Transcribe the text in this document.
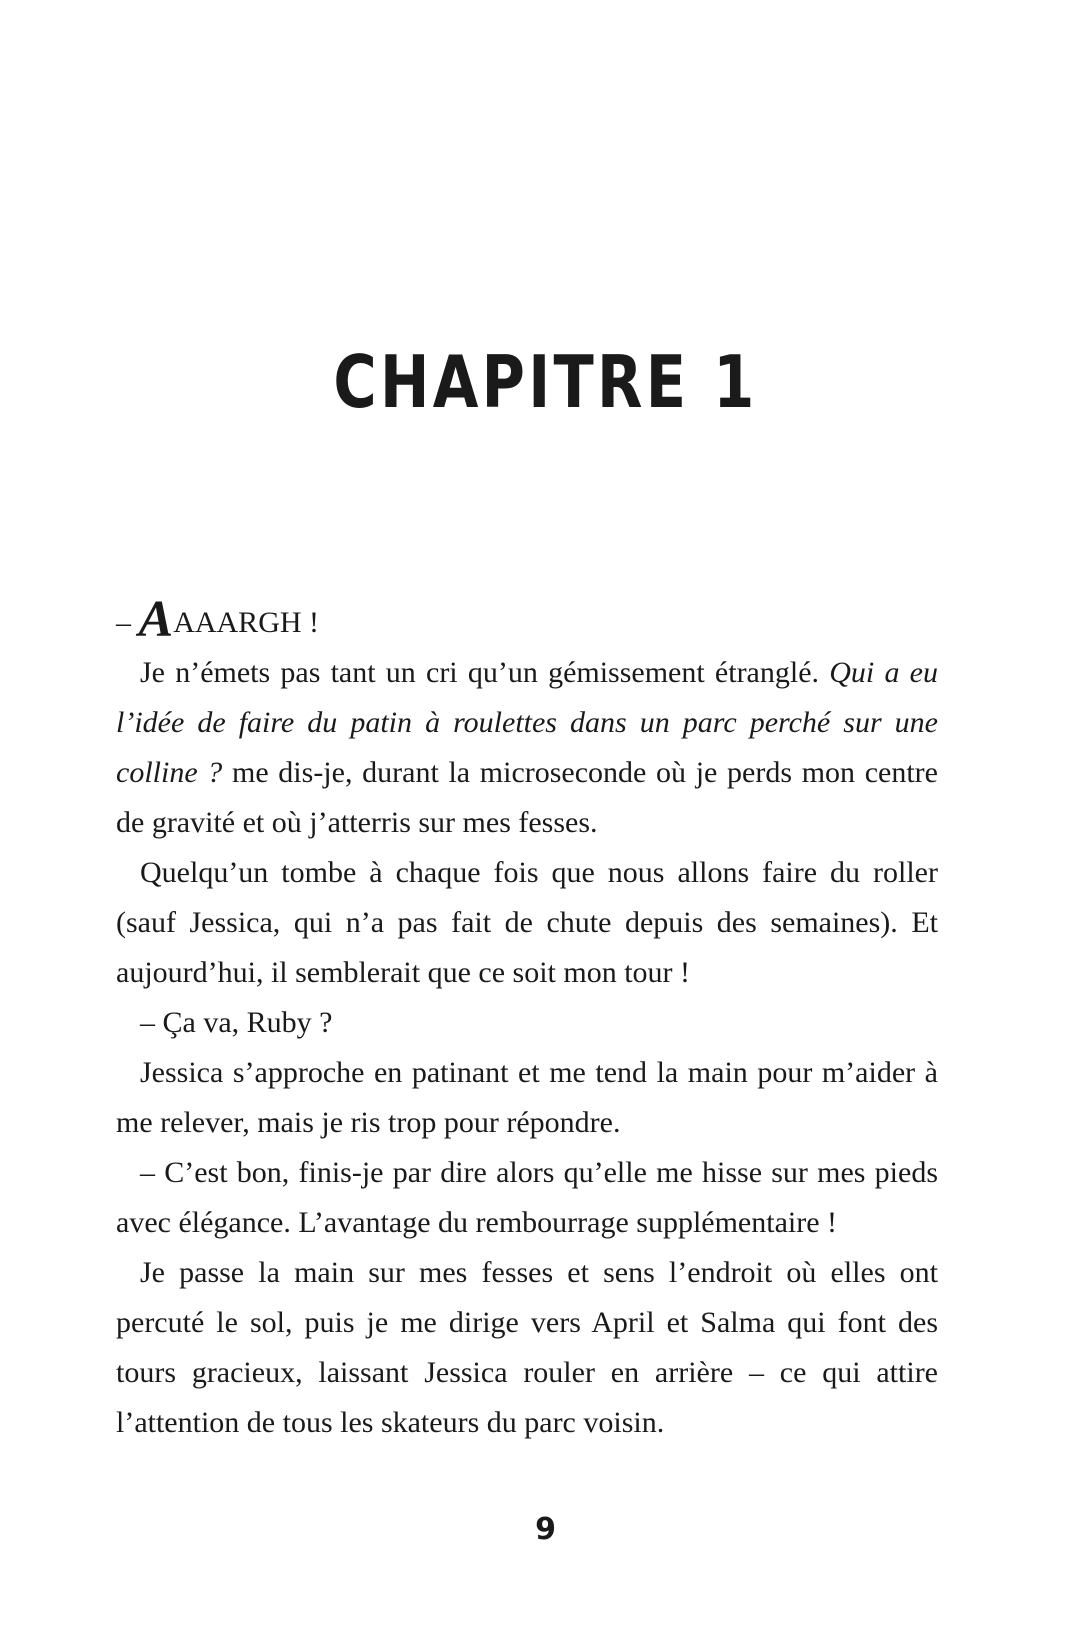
CHAPITRE 1

– AAAARGH !

Je n’émets pas tant un cri qu’un gémissement étranglé. Qui a eu l’idée de faire du patin à roulettes dans un parc perché sur une colline ? me dis-je, durant la microseconde où je perds mon centre de gravité et où j’atterris sur mes fesses.

Quelqu’un tombe à chaque fois que nous allons faire du roller (sauf Jessica, qui n’a pas fait de chute depuis des semaines). Et aujourd’hui, il semblerait que ce soit mon tour !

– Ça va, Ruby ?

Jessica s’approche en patinant et me tend la main pour m’aider à me relever, mais je ris trop pour répondre.

– C’est bon, finis-je par dire alors qu’elle me hisse sur mes pieds avec élégance. L’avantage du rembourrage supplémentaire !

Je passe la main sur mes fesses et sens l’endroit où elles ont percuté le sol, puis je me dirige vers April et Salma qui font des tours gracieux, laissant Jessica rouler en arrière – ce qui attire l’attention de tous les skateurs du parc voisin.

9
